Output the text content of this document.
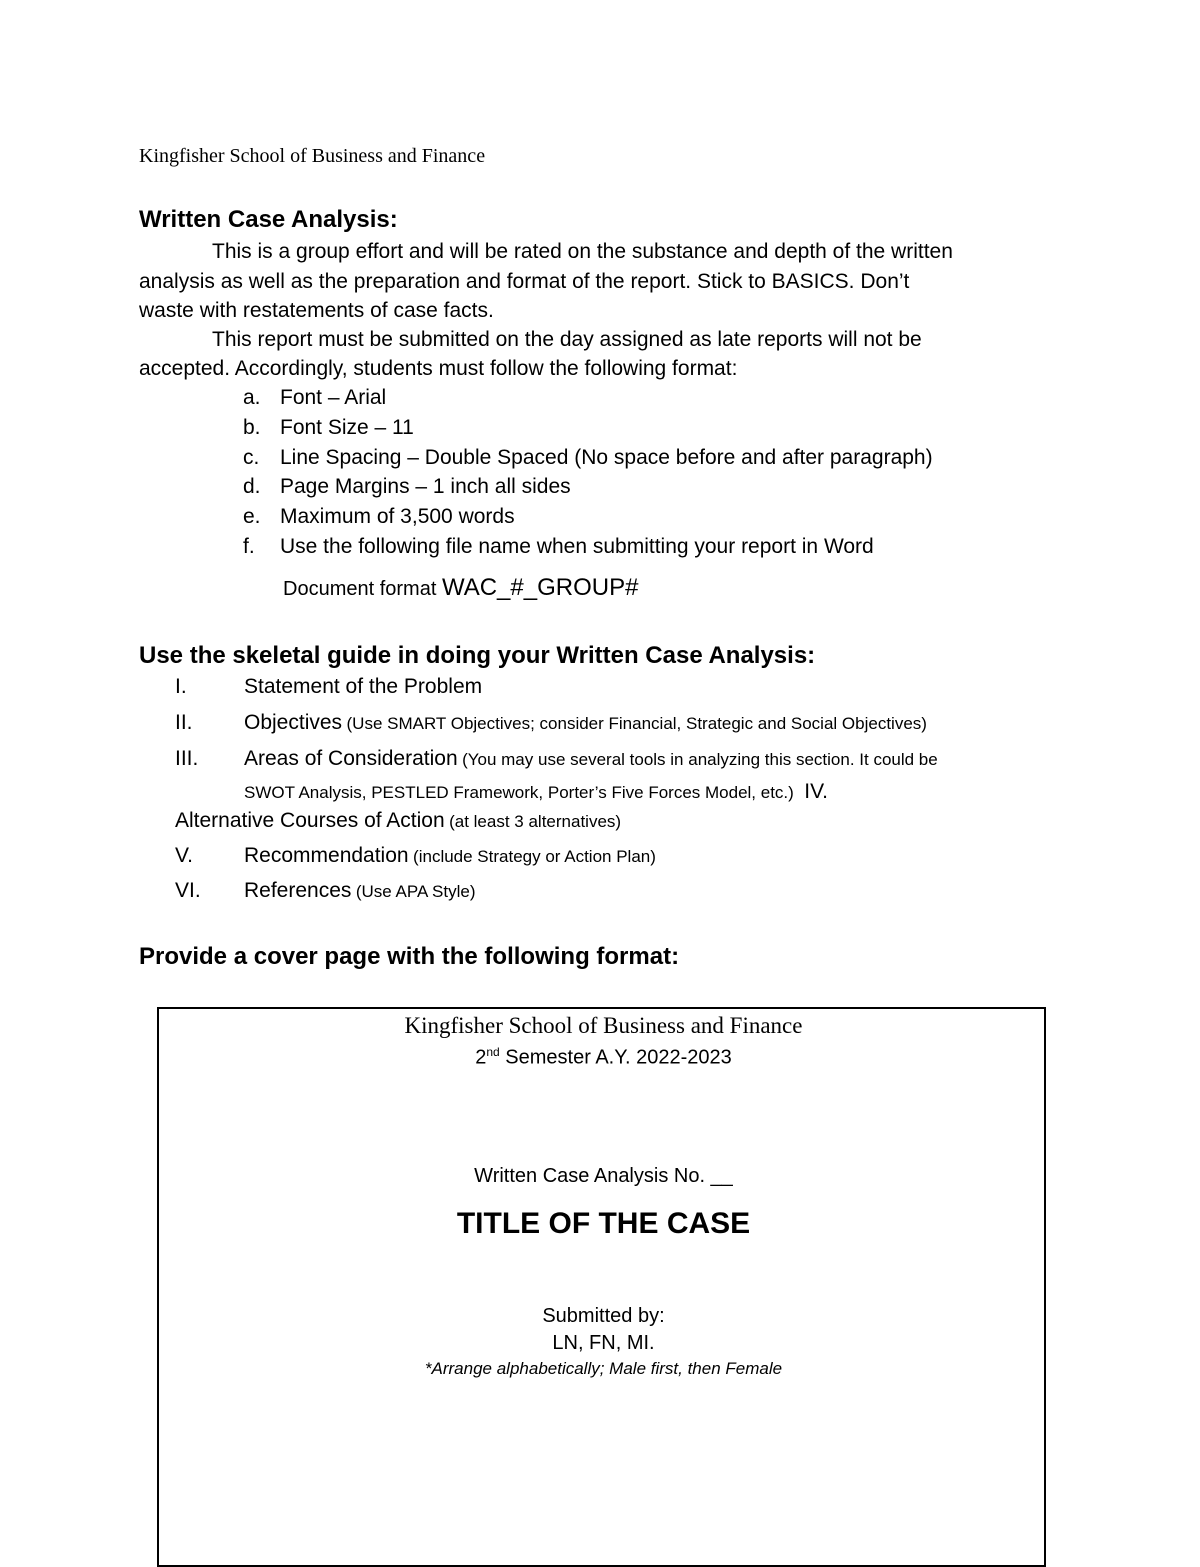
Kingfisher School of Business and Finance
Written Case Analysis:
This is a group effort and will be rated on the substance and depth of the written
analysis as well as the preparation and format of the report. Stick to BASICS. Don’t
waste with restatements of case facts.
This report must be submitted on the day assigned as late reports will not be
accepted. Accordingly, students must follow the following format:
a. Font – Arial
b. Font Size – 11
c. Line Spacing – Double Spaced (No space before and after paragraph)
d. Page Margins – 1 inch all sides
e. Maximum of 3,500 words
f. Use the following file name when submitting your report in Word
Document format WAC_#_GROUP#
Use the skeletal guide in doing your Written Case Analysis:
I.	Statement of the Problem
II. Objectives (Use SMART Objectives; consider Financial, Strategic and Social Objectives)
III. Areas of Consideration (You may use several tools in analyzing this section. It could be
SWOT Analysis, PESTLED Framework, Porter’s Five Forces Model, etc.) IV.
Alternative Courses of Action (at least 3 alternatives)
V. Recommendation (include Strategy or Action Plan)
VI. References (Use APA Style)
Provide a cover page with the following format:
Kingfisher School of Business and Finance
2nd Semester A.Y. 2022-2023
Written Case Analysis No. __
TITLE OF THE CASE
Submitted by:
LN, FN, MI.
*Arrange alphabetically; Male first, then Female
